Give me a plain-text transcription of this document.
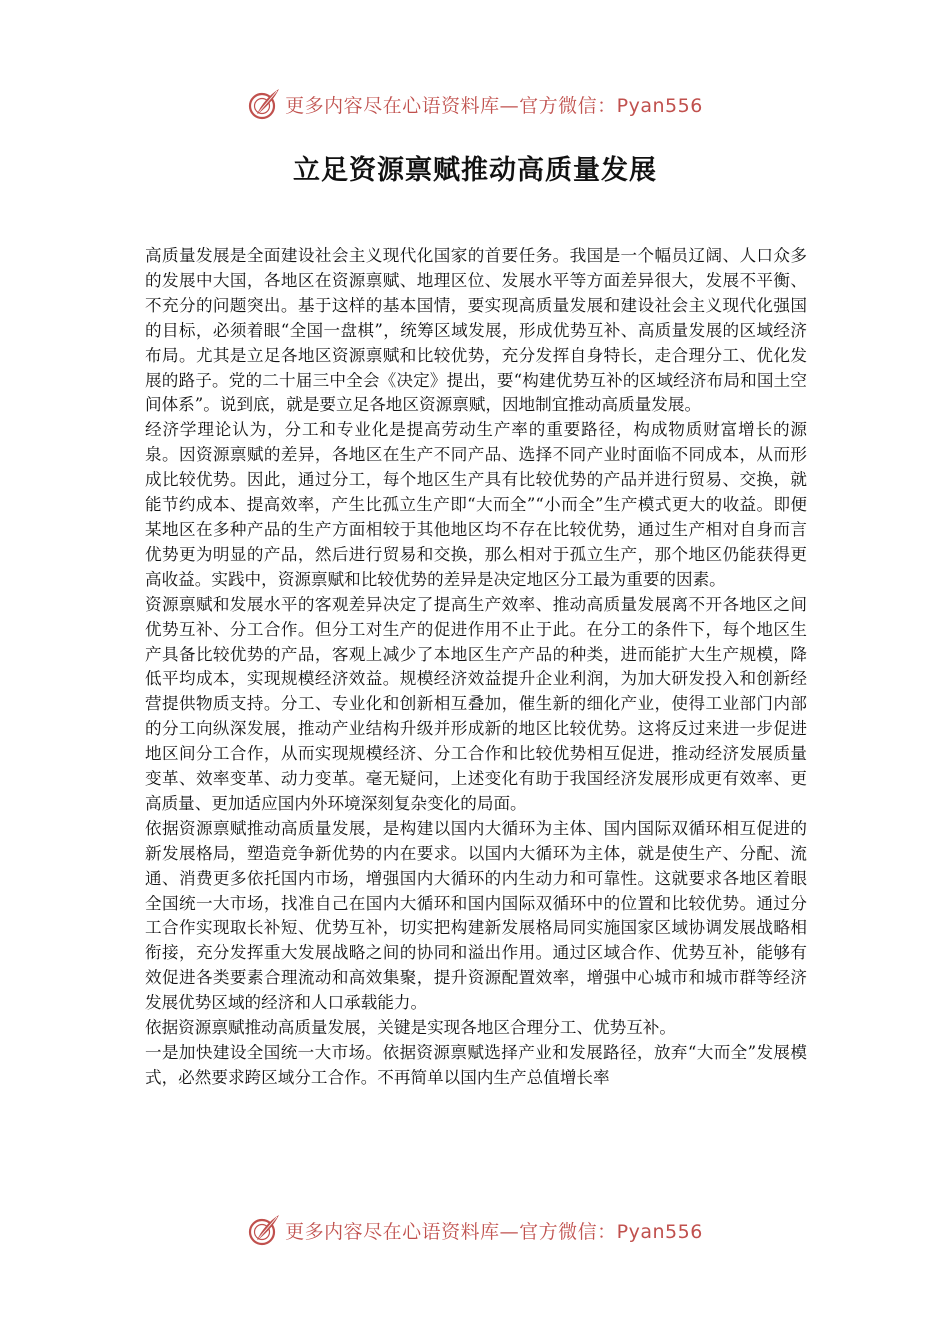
更多内容尽在心语资料库—官方微信：Pyan556
立足资源禀赋推动高质量发展

高质量发展是全面建设社会主义现代化国家的首要任务。我国是一个幅员辽阔、人口众多的发展中大国，各地区在资源禀赋、地理区位、发展水平等方面差异很大，发展不平衡、不充分的问题突出。基于这样的基本国情，要实现高质量发展和建设社会主义现代化强国的目标，必须着眼“全国一盘棋”，统筹区域发展，形成优势互补、高质量发展的区域经济布局。尤其是立足各地区资源禀赋和比较优势，充分发挥自身特长，走合理分工、优化发展的路子。党的二十届三中全会《决定》提出，要“构建优势互补的区域经济布局和国土空间体系”。说到底，就是要立足各地区资源禀赋，因地制宜推动高质量发展。

经济学理论认为，分工和专业化是提高劳动生产率的重要路径，构成物质财富增长的源泉。因资源禀赋的差异，各地区在生产不同产品、选择不同产业时面临不同成本，从而形成比较优势。因此，通过分工，每个地区生产具有比较优势的产品并进行贸易、交换，就能节约成本、提高效率，产生比孤立生产即“大而全”“小而全”生产模式更大的收益。即便某地区在多种产品的生产方面相较于其他地区均不存在比较优势，通过生产相对自身而言优势更为明显的产品，然后进行贸易和交换，那么相对于孤立生产，那个地区仍能获得更高收益。实践中，资源禀赋和比较优势的差异是决定地区分工最为重要的因素。

资源禀赋和发展水平的客观差异决定了提高生产效率、推动高质量发展离不开各地区之间优势互补、分工合作。但分工对生产的促进作用不止于此。在分工的条件下，每个地区生产具备比较优势的产品，客观上减少了本地区生产产品的种类，进而能扩大生产规模，降低平均成本，实现规模经济效益。规模经济效益提升企业利润，为加大研发投入和创新经营提供物质支持。分工、专业化和创新相互叠加，催生新的细化产业，使得工业部门内部的分工向纵深发展，推动产业结构升级并形成新的地区比较优势。这将反过来进一步促进地区间分工合作，从而实现规模经济、分工合作和比较优势相互促进，推动经济发展质量变革、效率变革、动力变革。毫无疑问，上述变化有助于我国经济发展形成更有效率、更高质量、更加适应国内外环境深刻复杂变化的局面。

依据资源禀赋推动高质量发展，是构建以国内大循环为主体、国内国际双循环相互促进的新发展格局，塑造竞争新优势的内在要求。以国内大循环为主体，就是使生产、分配、流通、消费更多依托国内市场，增强国内大循环的内生动力和可靠性。这就要求各地区着眼全国统一大市场，找准自己在国内大循环和国内国际双循环中的位置和比较优势。通过分工合作实现取长补短、优势互补，切实把构建新发展格局同实施国家区域协调发展战略相衔接，充分发挥重大发展战略之间的协同和溢出作用。通过区域合作、优势互补，能够有效促进各类要素合理流动和高效集聚，提升资源配置效率，增强中心城市和城市群等经济发展优势区域的经济和人口承载能力。

依据资源禀赋推动高质量发展，关键是实现各地区合理分工、优势互补。

一是加快建设全国统一大市场。依据资源禀赋选择产业和发展路径，放弃“大而全”发展模式，必然要求跨区域分工合作。不再简单以国内生产总值增长率

更多内容尽在心语资料库—官方微信：Pyan556
